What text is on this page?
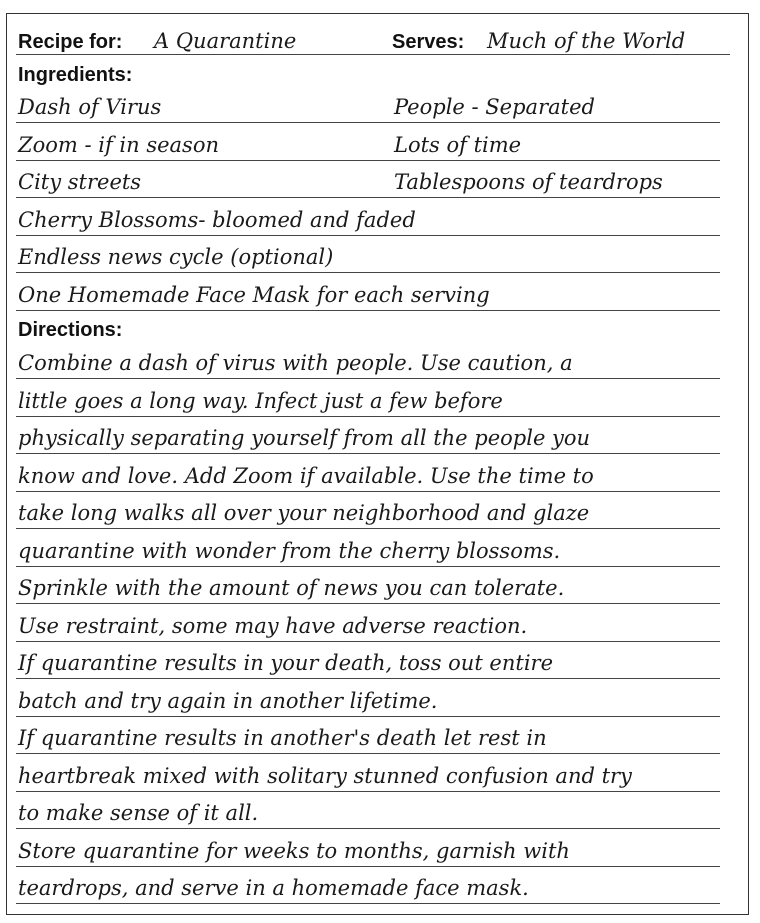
Recipe for: A Quarantine	Serves: Much of the World
Ingredients:
Dash of Virus	People - Separated
Zoom - if in season	Lots of time
City streets	Tablespoons of teardrops
Cherry Blossoms- bloomed and faded
Endless news cycle (optional)
One Homemade Face Mask for each serving
Directions:
Combine a dash of virus with people. Use caution, a
little goes a long way. Infect just a few before
physically separating yourself from all the people you
know and love. Add Zoom if available. Use the time to
take long walks all over your neighborhood and glaze
quarantine with wonder from the cherry blossoms.
Sprinkle with the amount of news you can tolerate.
Use restraint, some may have adverse reaction.
If quarantine results in your death, toss out entire
batch and try again in another lifetime.
If quarantine results in another's death let rest in
heartbreak mixed with solitary stunned confusion and try
to make sense of it all.
Store quarantine for weeks to months, garnish with
teardrops, and serve in a homemade face mask.
